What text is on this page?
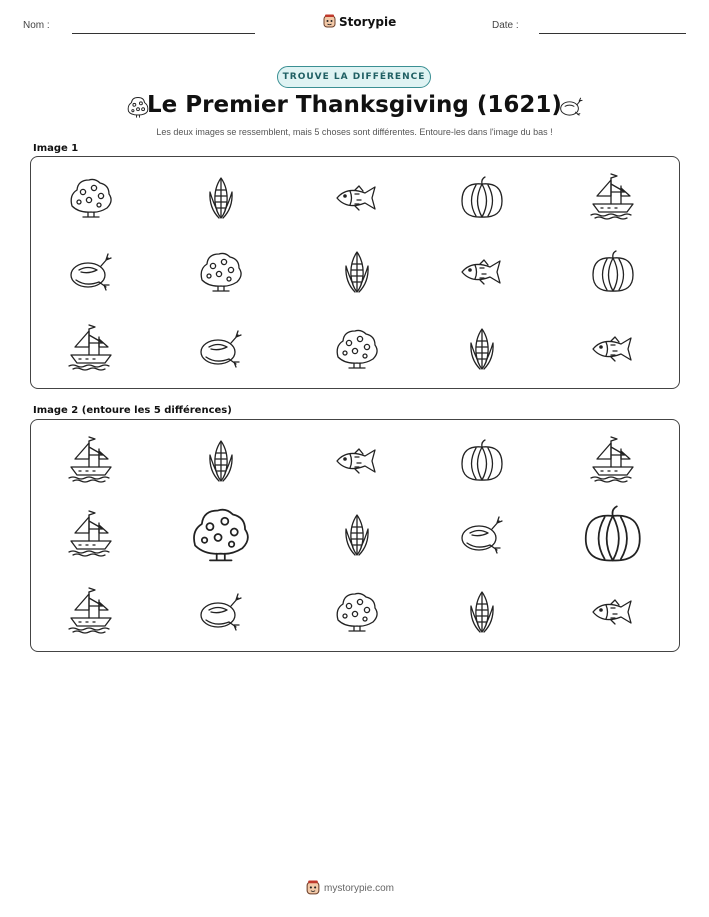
Nom :	Storypie	Date :
TROUVE LA DIFFÉRENCE
Le Premier Thanksgiving (1621)
Les deux images se ressemblent, mais 5 choses sont différentes. Entoure-les dans l'image du bas !
Image 1
Image 2 (entoure les 5 différences)
mystorypie.com
